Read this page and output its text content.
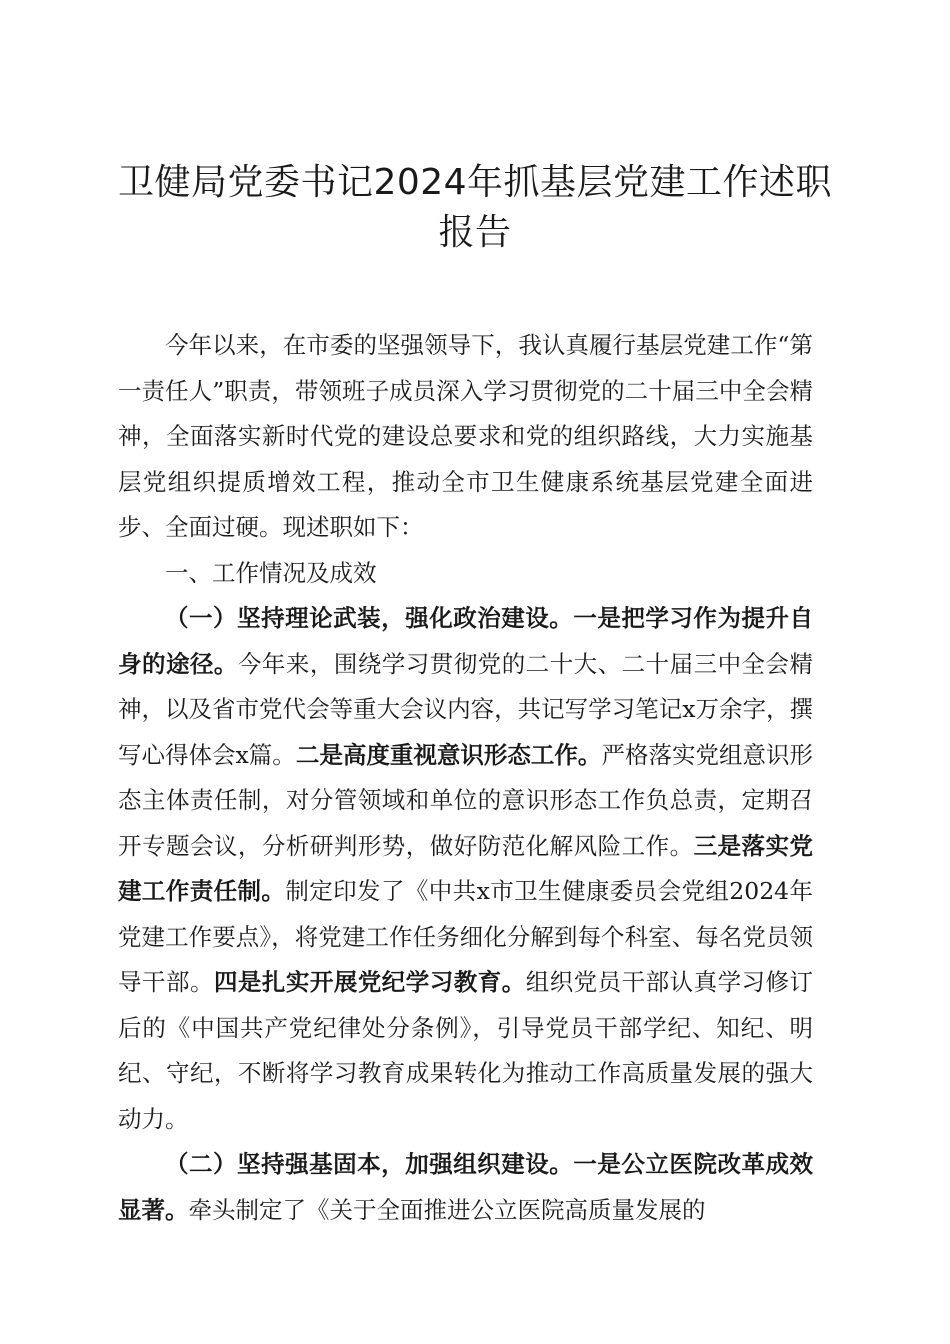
卫健局党委书记2024年抓基层党建工作述职
报告

今年以来，在市委的坚强领导下，我认真履行基层党建工作“第一责任人”职责，带领班子成员深入学习贯彻党的二十届三中全会精神，全面落实新时代党的建设总要求和党的组织路线，大力实施基层党组织提质增效工程，推动全市卫生健康系统基层党建全面进步、全面过硬。现述职如下：

一、工作情况及成效

（一）坚持理论武装，强化政治建设。一是把学习作为提升自身的途径。今年来，围绕学习贯彻党的二十大、二十届三中全会精神，以及省市党代会等重大会议内容，共记写学习笔记x万余字，撰写心得体会x篇。二是高度重视意识形态工作。严格落实党组意识形态主体责任制，对分管领域和单位的意识形态工作负总责，定期召开专题会议，分析研判形势，做好防范化解风险工作。三是落实党建工作责任制。制定印发了《中共x市卫生健康委员会党组2024年党建工作要点》，将党建工作任务细化分解到每个科室、每名党员领导干部。四是扎实开展党纪学习教育。组织党员干部认真学习修订后的《中国共产党纪律处分条例》，引导党员干部学纪、知纪、明纪、守纪，不断将学习教育成果转化为推动工作高质量发展的强大动力。

（二）坚持强基固本，加强组织建设。一是公立医院改革成效显著。牵头制定了《关于全面推进公立医院高质量发展的
